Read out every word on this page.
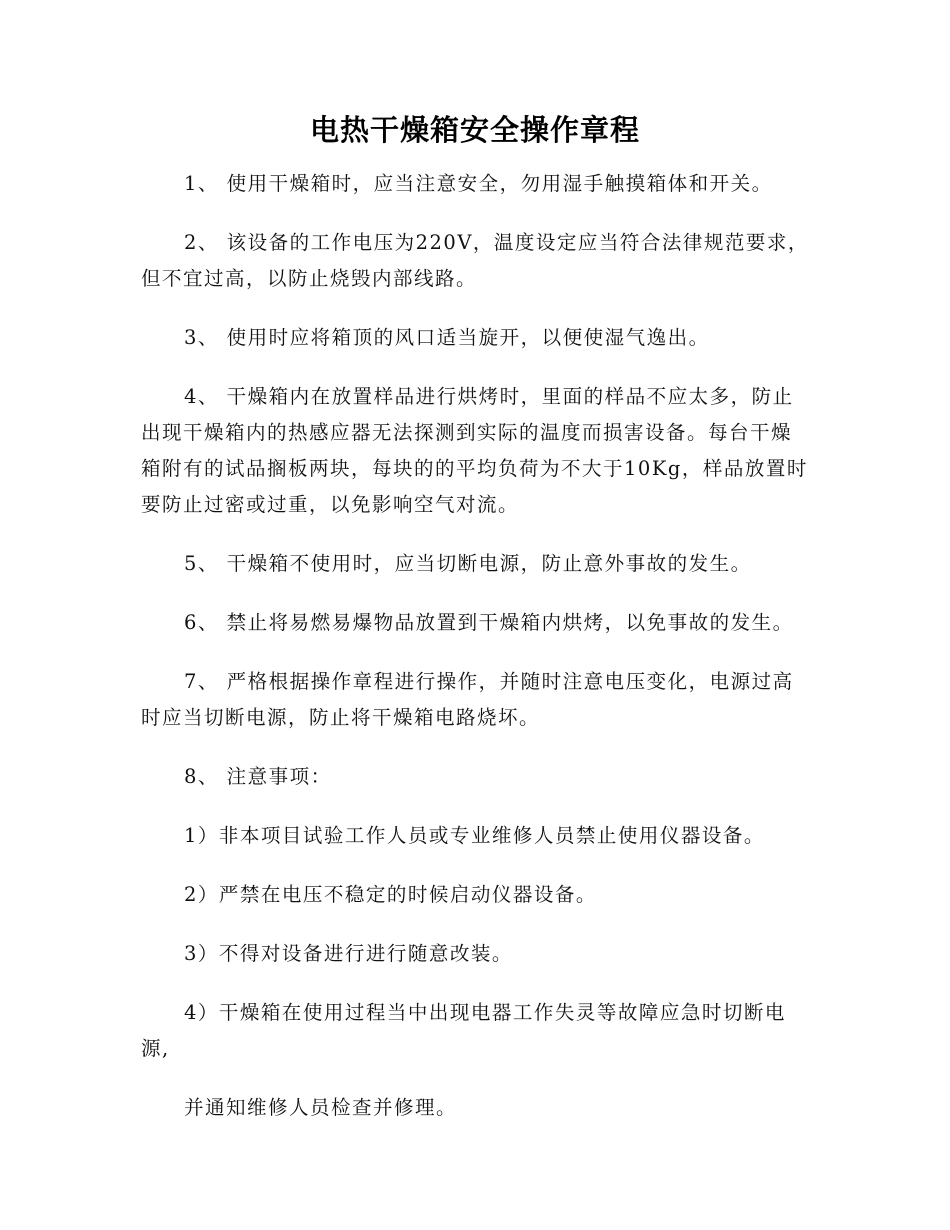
电热干燥箱安全操作章程

1、 使用干燥箱时，应当注意安全，勿用湿手触摸箱体和开关。

2、 该设备的工作电压为220V，温度设定应当符合法律规范要求，但不宜过高，以防止烧毁内部线路。

3、 使用时应将箱顶的风口适当旋开，以便使湿气逸出。

4、 干燥箱内在放置样品进行烘烤时，里面的样品不应太多，防止出现干燥箱内的热感应器无法探测到实际的温度而损害设备。每台干燥箱附有的试品搁板两块，每块的的平均负荷为不大于10Kg，样品放置时要防止过密或过重，以免影响空气对流。

5、 干燥箱不使用时，应当切断电源，防止意外事故的发生。

6、 禁止将易燃易爆物品放置到干燥箱内烘烤，以免事故的发生。

7、 严格根据操作章程进行操作，并随时注意电压变化，电源过高时应当切断电源，防止将干燥箱电路烧坏。

8、 注意事项：

1）非本项目试验工作人员或专业维修人员禁止使用仪器设备。

2）严禁在电压不稳定的时候启动仪器设备。

3）不得对设备进行进行随意改装。

4）干燥箱在使用过程当中出现电器工作失灵等故障应急时切断电源,

并通知维修人员检查并修理。
